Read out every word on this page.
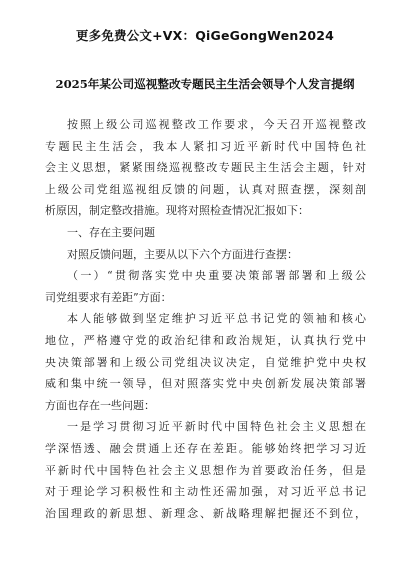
更多免费公文+VX：QiGeGongWen2024
2025年某公司巡视整改专题民主生活会领导个人发言提纲
按照上级公司巡视整改工作要求，今天召开巡视整改
专题民主生活会，我本人紧扣习近平新时代中国特色社
会主义思想，紧紧围绕巡视整改专题民主生活会主题，针对
上级公司党组巡视组反馈的问题，认真对照查摆，深刻剖
析原因，制定整改措施。现将对照检查情况汇报如下：
一、存在主要问题
对照反馈问题，主要从以下六个方面进行查摆：
（一）“贯彻落实党中央重要决策部署部署和上级公
司党组要求有差距”方面：
本人能够做到坚定维护习近平总书记党的领袖和核心
地位，严格遵守党的政治纪律和政治规矩，认真执行党中
央决策部署和上级公司党组决议决定，自觉维护党中央权
威和集中统一领导，但对照落实党中央创新发展决策部署
方面也存在一些问题：
一是学习贯彻习近平新时代中国特色社会主义思想在
学深悟透、融会贯通上还存在差距。能够始终把学习习近
平新时代中国特色社会主义思想作为首要政治任务，但是
对于理论学习积极性和主动性还需加强，对习近平总书记
治国理政的新思想、新理念、新战略理解把握还不到位，
